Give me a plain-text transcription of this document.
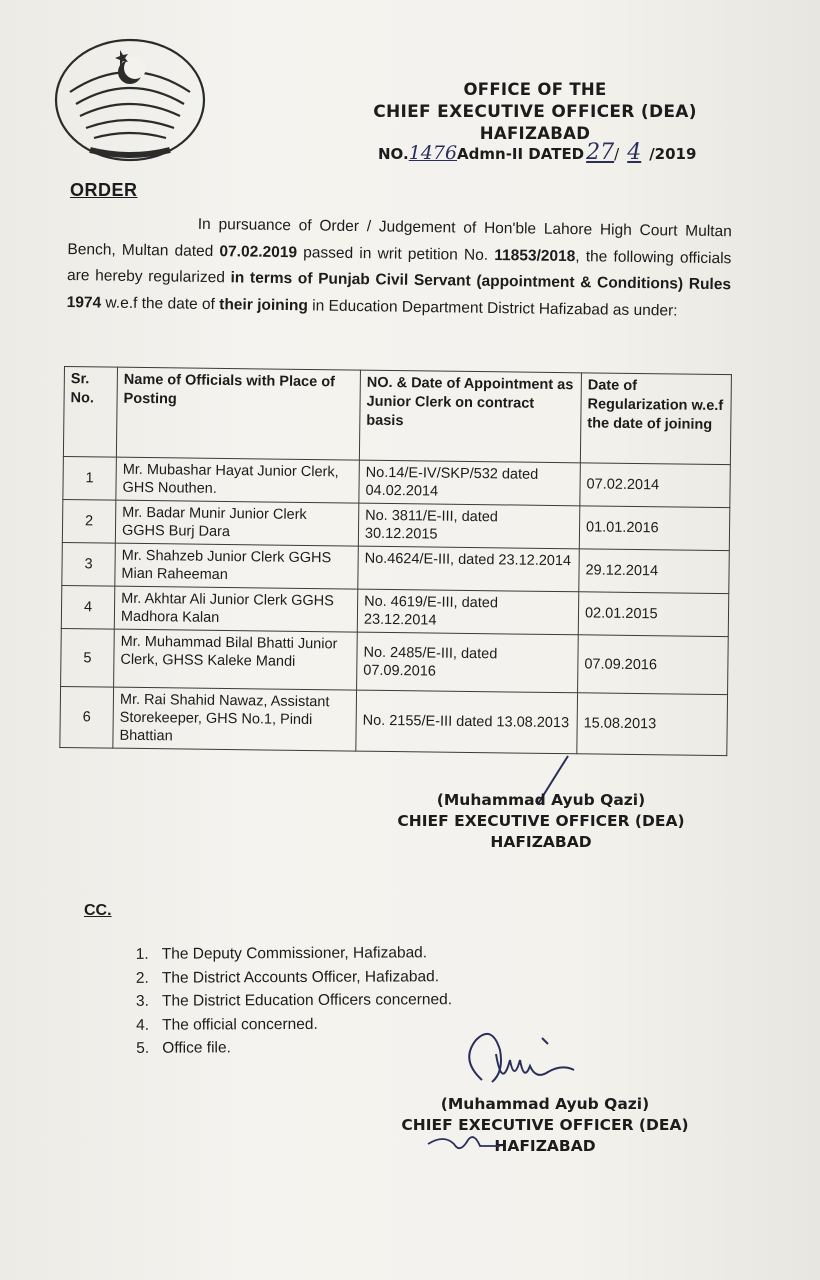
OFFICE OF THE
CHIEF EXECUTIVE OFFICER (DEA)
HAFIZABAD
NO.1476Admn-II DATED27/ 4 /2019
ORDER
In pursuance of Order / Judgement of Hon'ble Lahore High Court Multan Bench, Multan dated 07.02.2019 passed in writ petition No. 11853/2018, the following officials are hereby regularized in terms of Punjab Civil Servant (appointment & Conditions) Rules 1974 w.e.f the date of their joining in Education Department District Hafizabad as under:
Sr. No.	Name of Officials with Place of Posting	NO. & Date of Appointment as Junior Clerk on contract basis	Date of Regularization w.e.f the date of joining
1	Mr. Mubashar Hayat Junior Clerk, GHS Nouthen.	No.14/E-IV/SKP/532 dated 04.02.2014	07.02.2014
2	Mr. Badar Munir Junior Clerk GGHS Burj Dara	No. 3811/E-III, dated 30.12.2015	01.01.2016
3	Mr. Shahzeb Junior Clerk GGHS Mian Raheeman	No.4624/E-III, dated 23.12.2014	29.12.2014
4	Mr. Akhtar Ali Junior Clerk GGHS Madhora Kalan	No. 4619/E-III, dated 23.12.2014	02.01.2015
5	Mr. Muhammad Bilal Bhatti Junior Clerk, GHSS Kaleke Mandi	No. 2485/E-III, dated 07.09.2016	07.09.2016
6	Mr. Rai Shahid Nawaz, Assistant Storekeeper, GHS No.1, Pindi Bhattian	No. 2155/E-III dated 13.08.2013	15.08.2013
(Muhammad Ayub Qazi)
CHIEF EXECUTIVE OFFICER (DEA)
HAFIZABAD
CC.
1. The Deputy Commissioner, Hafizabad.
2. The District Accounts Officer, Hafizabad.
3. The District Education Officers concerned.
4. The official concerned.
5. Office file.
(Muhammad Ayub Qazi)
CHIEF EXECUTIVE OFFICER (DEA)
HAFIZABAD
